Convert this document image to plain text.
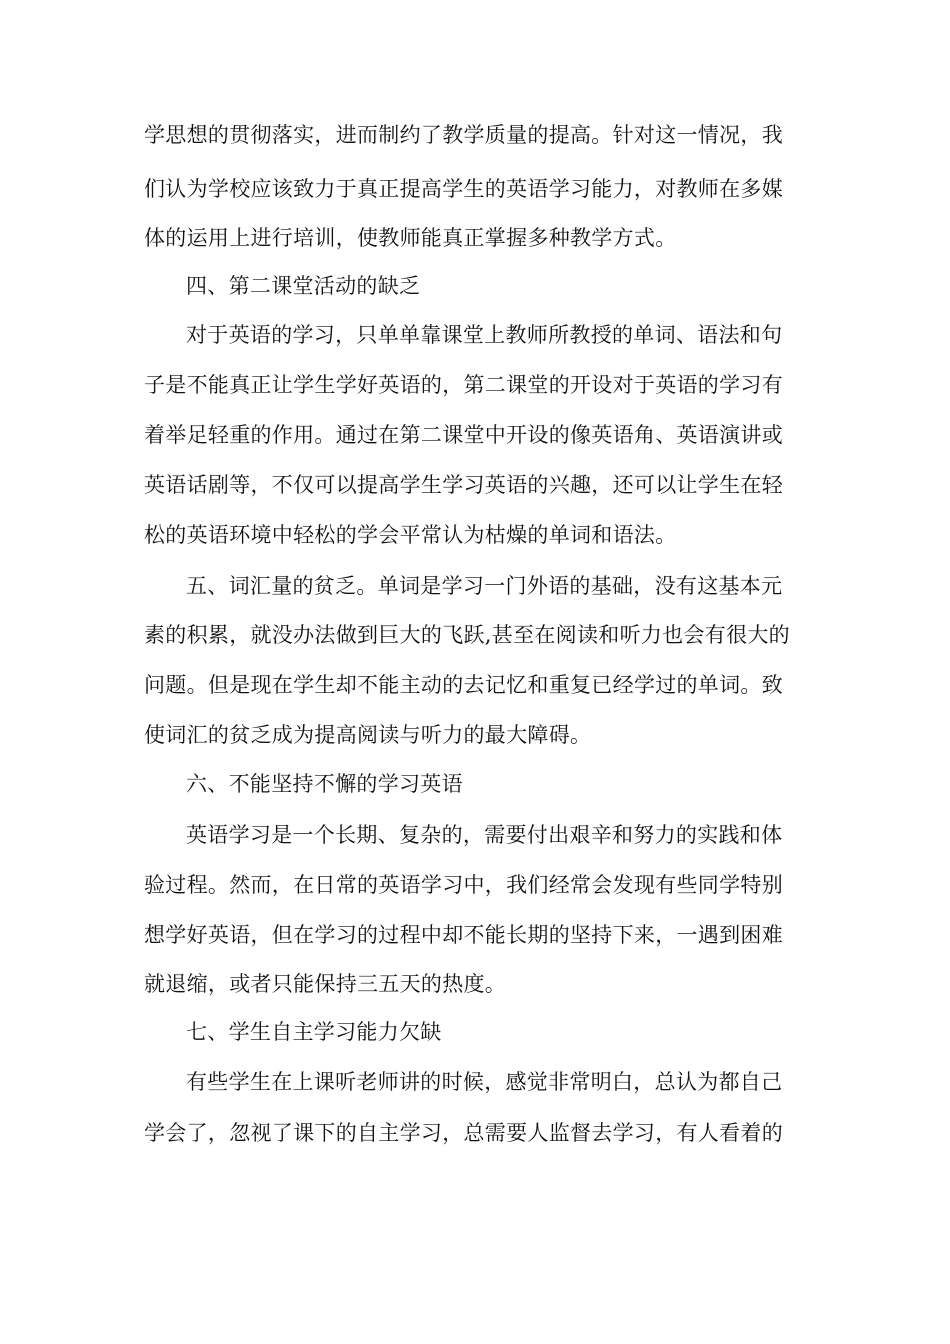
学思想的贯彻落实，进而制约了教学质量的提高。针对这一情况，我
们认为学校应该致力于真正提高学生的英语学习能力，对教师在多媒
体的运用上进行培训，使教师能真正掌握多种教学方式。
四、第二课堂活动的缺乏
对于英语的学习，只单单靠课堂上教师所教授的单词、语法和句
子是不能真正让学生学好英语的，第二课堂的开设对于英语的学习有
着举足轻重的作用。通过在第二课堂中开设的像英语角、英语演讲或
英语话剧等，不仅可以提高学生学习英语的兴趣，还可以让学生在轻
松的英语环境中轻松的学会平常认为枯燥的单词和语法。
五、词汇量的贫乏。单词是学习一门外语的基础，没有这基本元
素的积累，就没办法做到巨大的飞跃,甚至在阅读和听力也会有很大的
问题。但是现在学生却不能主动的去记忆和重复已经学过的单词。致
使词汇的贫乏成为提高阅读与听力的最大障碍。
六、不能坚持不懈的学习英语
英语学习是一个长期、复杂的，需要付出艰辛和努力的实践和体
验过程。然而，在日常的英语学习中，我们经常会发现有些同学特别
想学好英语，但在学习的过程中却不能长期的坚持下来，一遇到困难
就退缩，或者只能保持三五天的热度。
七、学生自主学习能力欠缺
有些学生在上课听老师讲的时候，感觉非常明白，总认为都自己
学会了，忽视了课下的自主学习，总需要人监督去学习，有人看着的
